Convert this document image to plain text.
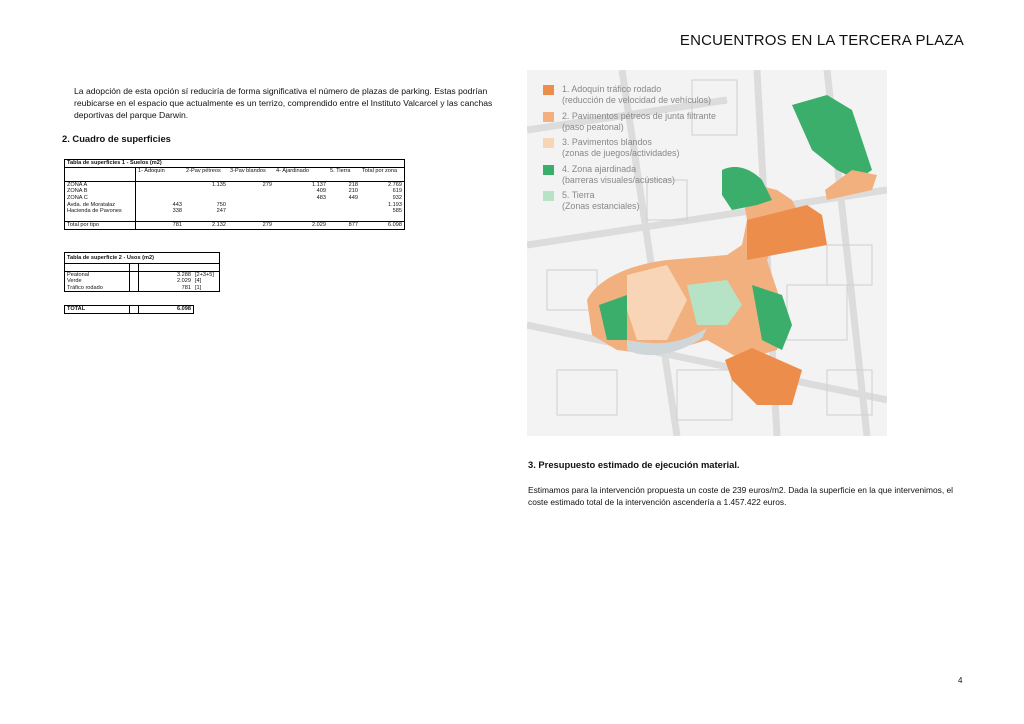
ENCUENTROS EN LA TERCERA PLAZA
La adopción de esta opción sí reduciría de forma significativa el número de plazas de parking. Estas podrían reubicarse en el espacio que actualmente es un terrizo, comprendido entre el Instituto Valcarcel y las canchas deportivas del parque Darwin.
2. Cuadro de superficies
Tabla de superficies 1 - Suelos (m2)						
	1- Adoquin	2-Pav pétreos	3-Pav blandos	4- Ajardinado	5. Tierra	Total por zona

ZONA A		1.135	279	1.137	218	2.769
ZONA B				409	210	619
ZONA C				483	449	932
Avda. de Moratalaz	443	750				1.193
Hacienda de Pavones	338	247				585

Total por tipo	781	2.132	279	2.029	877	6.098
Tabla de superficie 2 - Usos (m2)			

Peatonal		3.288	[2+3+5]
Verde		2.029	[4]
Tráfico rodado		781	[1]
TOTAL		6.098
1. Adoquín tráfico rodado
(reducción de velocidad de vehículos)
2. Pavimentos pétreos de junta filtrante
(paso peatonal)
3. Pavimentos blandos
(zonas de juegos/actividades)
4. Zona ajardinada
(barreras visuales/acústicas)
5. Tierra
(Zonas estanciales)
3. Presupuesto estimado de ejecución material.
Estimamos para la intervención propuesta un coste de 239 euros/m2. Dada la superficie en la que intervenimos, el coste estimado total de la intervención ascendería a 1.457.422 euros.
4
